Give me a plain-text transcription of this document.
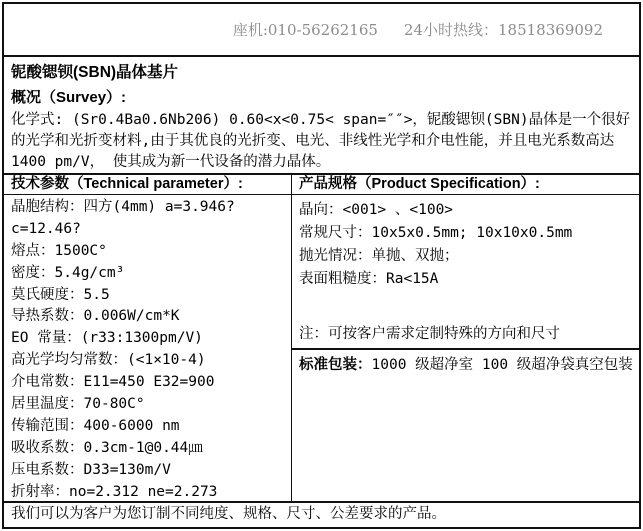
座机:010-56262165 24小时热线：18518369092
铌酸锶钡(SBN)晶体基片
概况（Survey）:
化学式: (Sr0.4Ba0.6Nb206) 0.60<x<0.75< span=″″>，铌酸锶钡(SBN)晶体是一个很好的光学和光折变材料,由于其优良的光折变、电光、非线性光学和介电性能，并且电光系数高达 1400 pm/V， 使其成为新一代设备的潜力晶体。
技术参数（Technical parameter）:	产品规格（Product Specification）:
晶胞结构：四方(4mm) a=3.946?
c=12.46?
熔点：1500C°
密度：5.4g/cm³
莫氏硬度：5.5
导热系数：0.006W/cm*K
EO 常量：(r33:1300pm/V)
高光学均匀常数：(<1×10-4)
介电常数：E11=450 E32=900
居里温度：70-80C°
传输范围：400-6000 nm
吸收系数：0.3cm-1@0.44㎛
压电系数：D33=130m/V
折射率：no=2.312 ne=2.273
晶向：<001> 、<100>
常规尺寸：10x5x0.5mm; 10x10x0.5mm
抛光情况：单抛、双抛；
表面粗糙度：Ra<15A
注：可按客户需求定制特殊的方向和尺寸
标准包装：1000 级超净室 100 级超净袋真空包装
我们可以为客户为您订制不同纯度、规格、尺寸、公差要求的产品。
